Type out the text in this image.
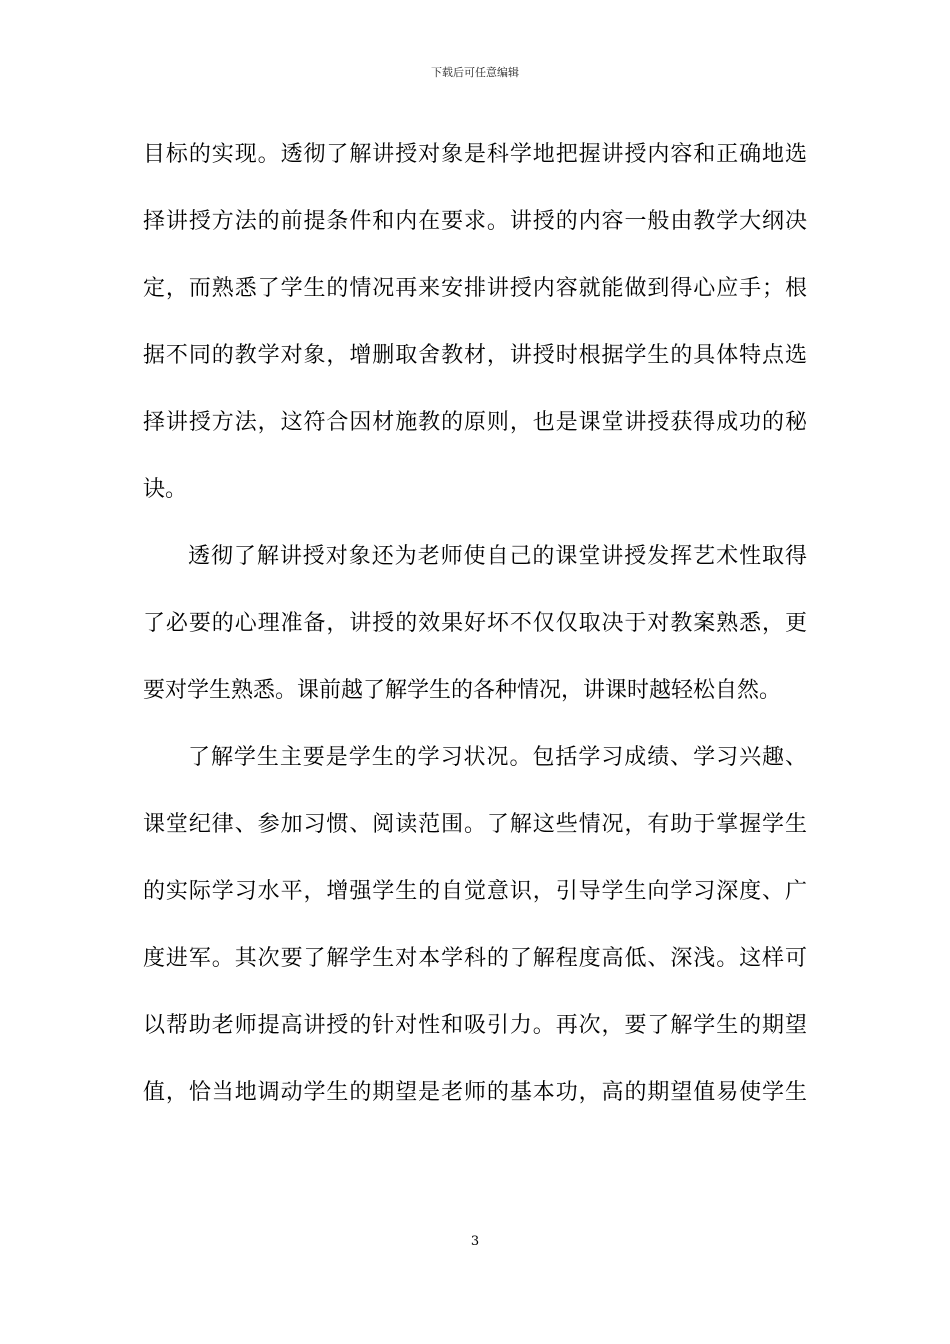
下载后可任意编辑
目标的实现。透彻了解讲授对象是科学地把握讲授内容和正确地选
择讲授方法的前提条件和内在要求。讲授的内容一般由教学大纲决
定，而熟悉了学生的情况再来安排讲授内容就能做到得心应手；根
据不同的教学对象，增删取舍教材，讲授时根据学生的具体特点选
择讲授方法，这符合因材施教的原则，也是课堂讲授获得成功的秘
诀。
透彻了解讲授对象还为老师使自己的课堂讲授发挥艺术性取得
了必要的心理准备，讲授的效果好坏不仅仅取决于对教案熟悉，更
要对学生熟悉。课前越了解学生的各种情况，讲课时越轻松自然。
了解学生主要是学生的学习状况。包括学习成绩、学习兴趣、
课堂纪律、参加习惯、阅读范围。了解这些情况，有助于掌握学生
的实际学习水平，增强学生的自觉意识，引导学生向学习深度、广
度进军。其次要了解学生对本学科的了解程度高低、深浅。这样可
以帮助老师提高讲授的针对性和吸引力。再次，要了解学生的期望
值，恰当地调动学生的期望是老师的基本功，高的期望值易使学生
3
